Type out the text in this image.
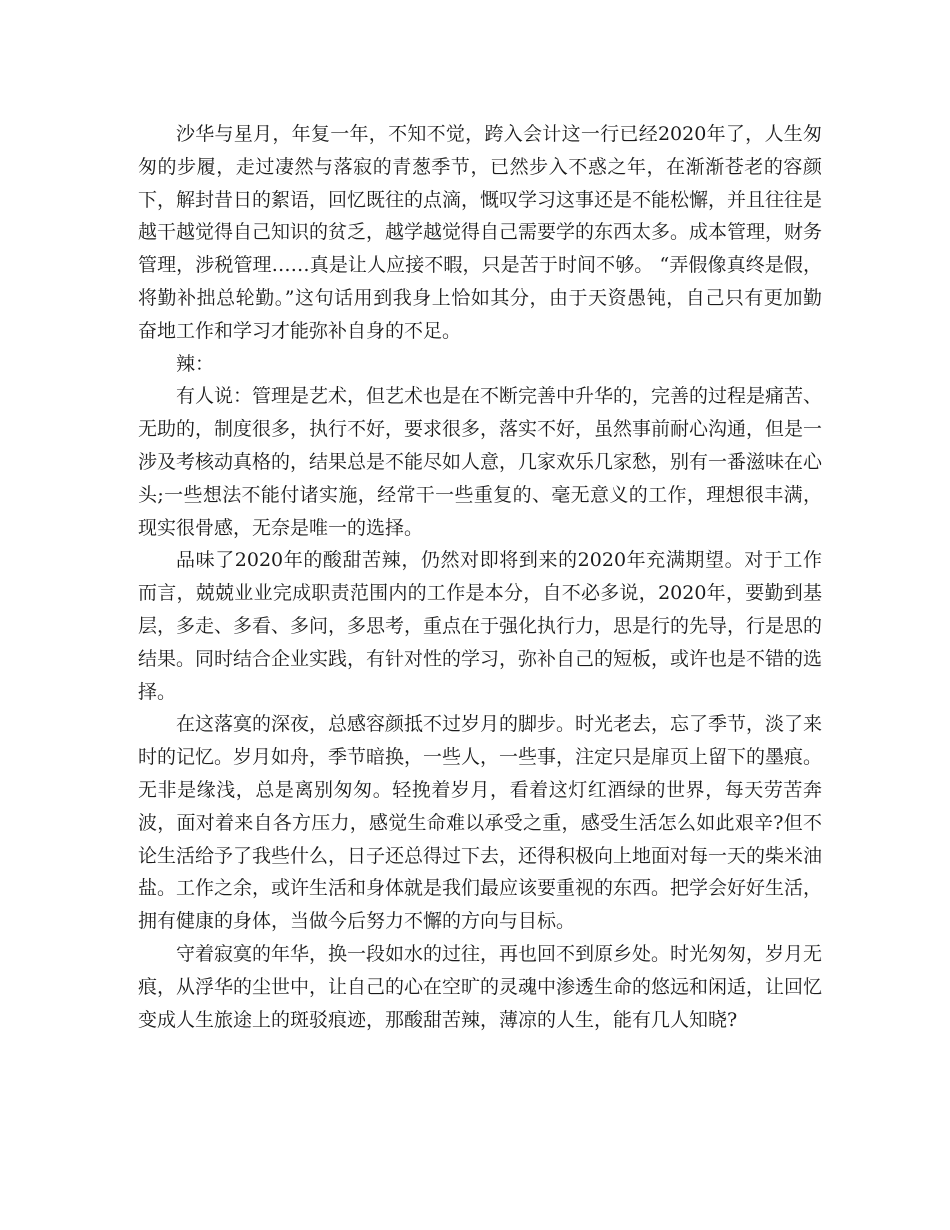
沙华与星月，年复一年，不知不觉，跨入会计这一行已经2020年了，人生匆匆的步履，走过凄然与落寂的青葱季节，已然步入不惑之年，在渐渐苍老的容颜下，解封昔日的絮语，回忆既往的点滴，慨叹学习这事还是不能松懈，并且往往是越干越觉得自己知识的贫乏，越学越觉得自己需要学的东西太多。成本管理，财务管理，涉税管理……真是让人应接不暇，只是苦于时间不够。 “弄假像真终是假，将勤补拙总轮勤。”这句话用到我身上恰如其分，由于天资愚钝，自己只有更加勤奋地工作和学习才能弥补自身的不足。

辣：

有人说：管理是艺术，但艺术也是在不断完善中升华的，完善的过程是痛苦、无助的，制度很多，执行不好，要求很多，落实不好，虽然事前耐心沟通，但是一涉及考核动真格的，结果总是不能尽如人意，几家欢乐几家愁，别有一番滋味在心头;一些想法不能付诸实施，经常干一些重复的、毫无意义的工作，理想很丰满，现实很骨感，无奈是唯一的选择。

品味了2020年的酸甜苦辣，仍然对即将到来的2020年充满期望。对于工作而言，兢兢业业完成职责范围内的工作是本分，自不必多说，2020年，要勤到基层，多走、多看、多问，多思考，重点在于强化执行力，思是行的先导，行是思的结果。同时结合企业实践，有针对性的学习，弥补自己的短板，或许也是不错的选择。

在这落寞的深夜，总感容颜抵不过岁月的脚步。时光老去，忘了季节，淡了来时的记忆。岁月如舟，季节暗换，一些人，一些事，注定只是扉页上留下的墨痕。无非是缘浅，总是离别匆匆。轻挽着岁月，看着这灯红酒绿的世界，每天劳苦奔波，面对着来自各方压力，感觉生命难以承受之重，感受生活怎么如此艰辛?但不论生活给予了我些什么，日子还总得过下去，还得积极向上地面对每一天的柴米油盐。工作之余，或许生活和身体就是我们最应该要重视的东西。把学会好好生活，拥有健康的身体，当做今后努力不懈的方向与目标。

守着寂寞的年华，换一段如水的过往，再也回不到原乡处。时光匆匆，岁月无痕，从浮华的尘世中，让自己的心在空旷的灵魂中渗透生命的悠远和闲适，让回忆变成人生旅途上的斑驳痕迹，那酸甜苦辣，薄凉的人生，能有几人知晓?
